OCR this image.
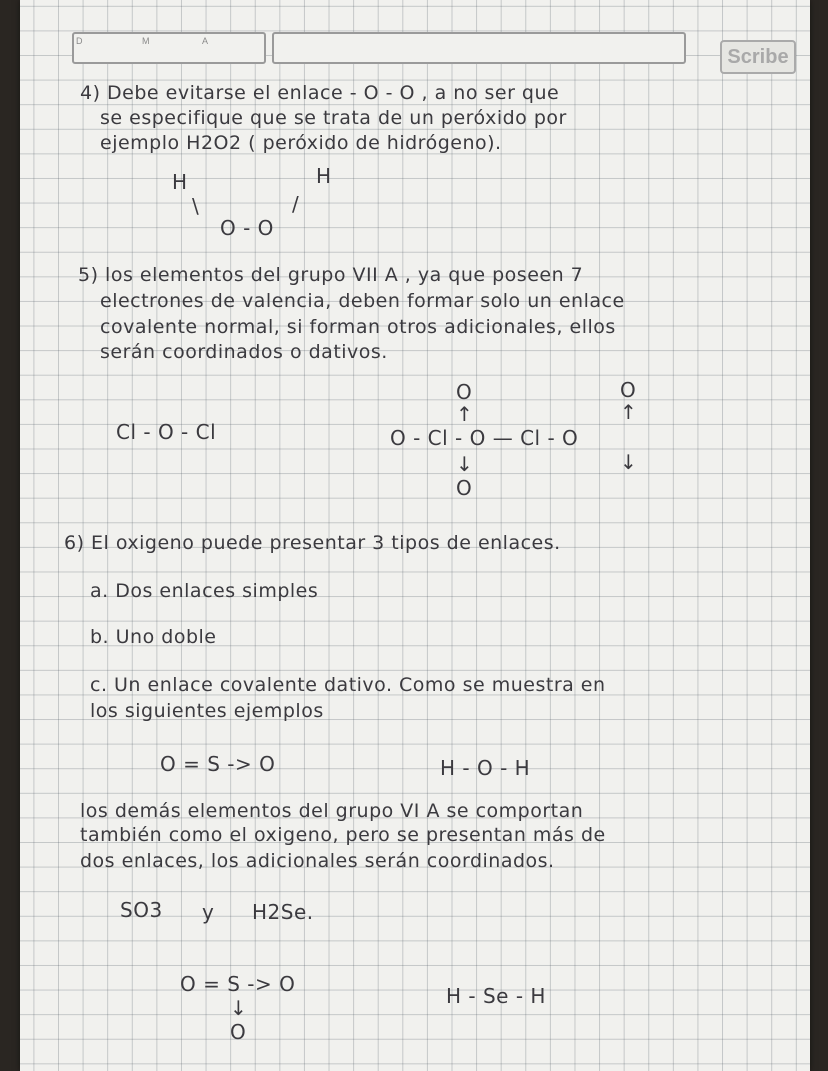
D	M	A
Scribe
4) Debe evitarse el enlace - O - O , a no ser que
se especifique que se trata de un peróxido por
ejemplo H2O2 ( peróxido de hidrógeno).
H	H
\	/
O - O
5) los elementos del grupo VII A , ya que poseen 7
electrones de valencia, deben formar solo un enlace
covalente normal, si forman otros adicionales, ellos
serán coordinados o dativos.
Cl - O - Cl
O
↑
O
↑
O - Cl - O — Cl - O
↓	↓
O
6) El oxigeno puede presentar 3 tipos de enlaces.
a. Dos enlaces simples
b. Uno doble
c. Un enlace covalente dativo. Como se muestra en
los siguientes ejemplos
O = S -> O	H - O - H
los demás elementos del grupo VI A se comportan
también como el oxigeno, pero se presentan más de
dos enlaces, los adicionales serán coordinados.
SO3 y H2Se.
O = S -> O
↓
O
H - Se - H
